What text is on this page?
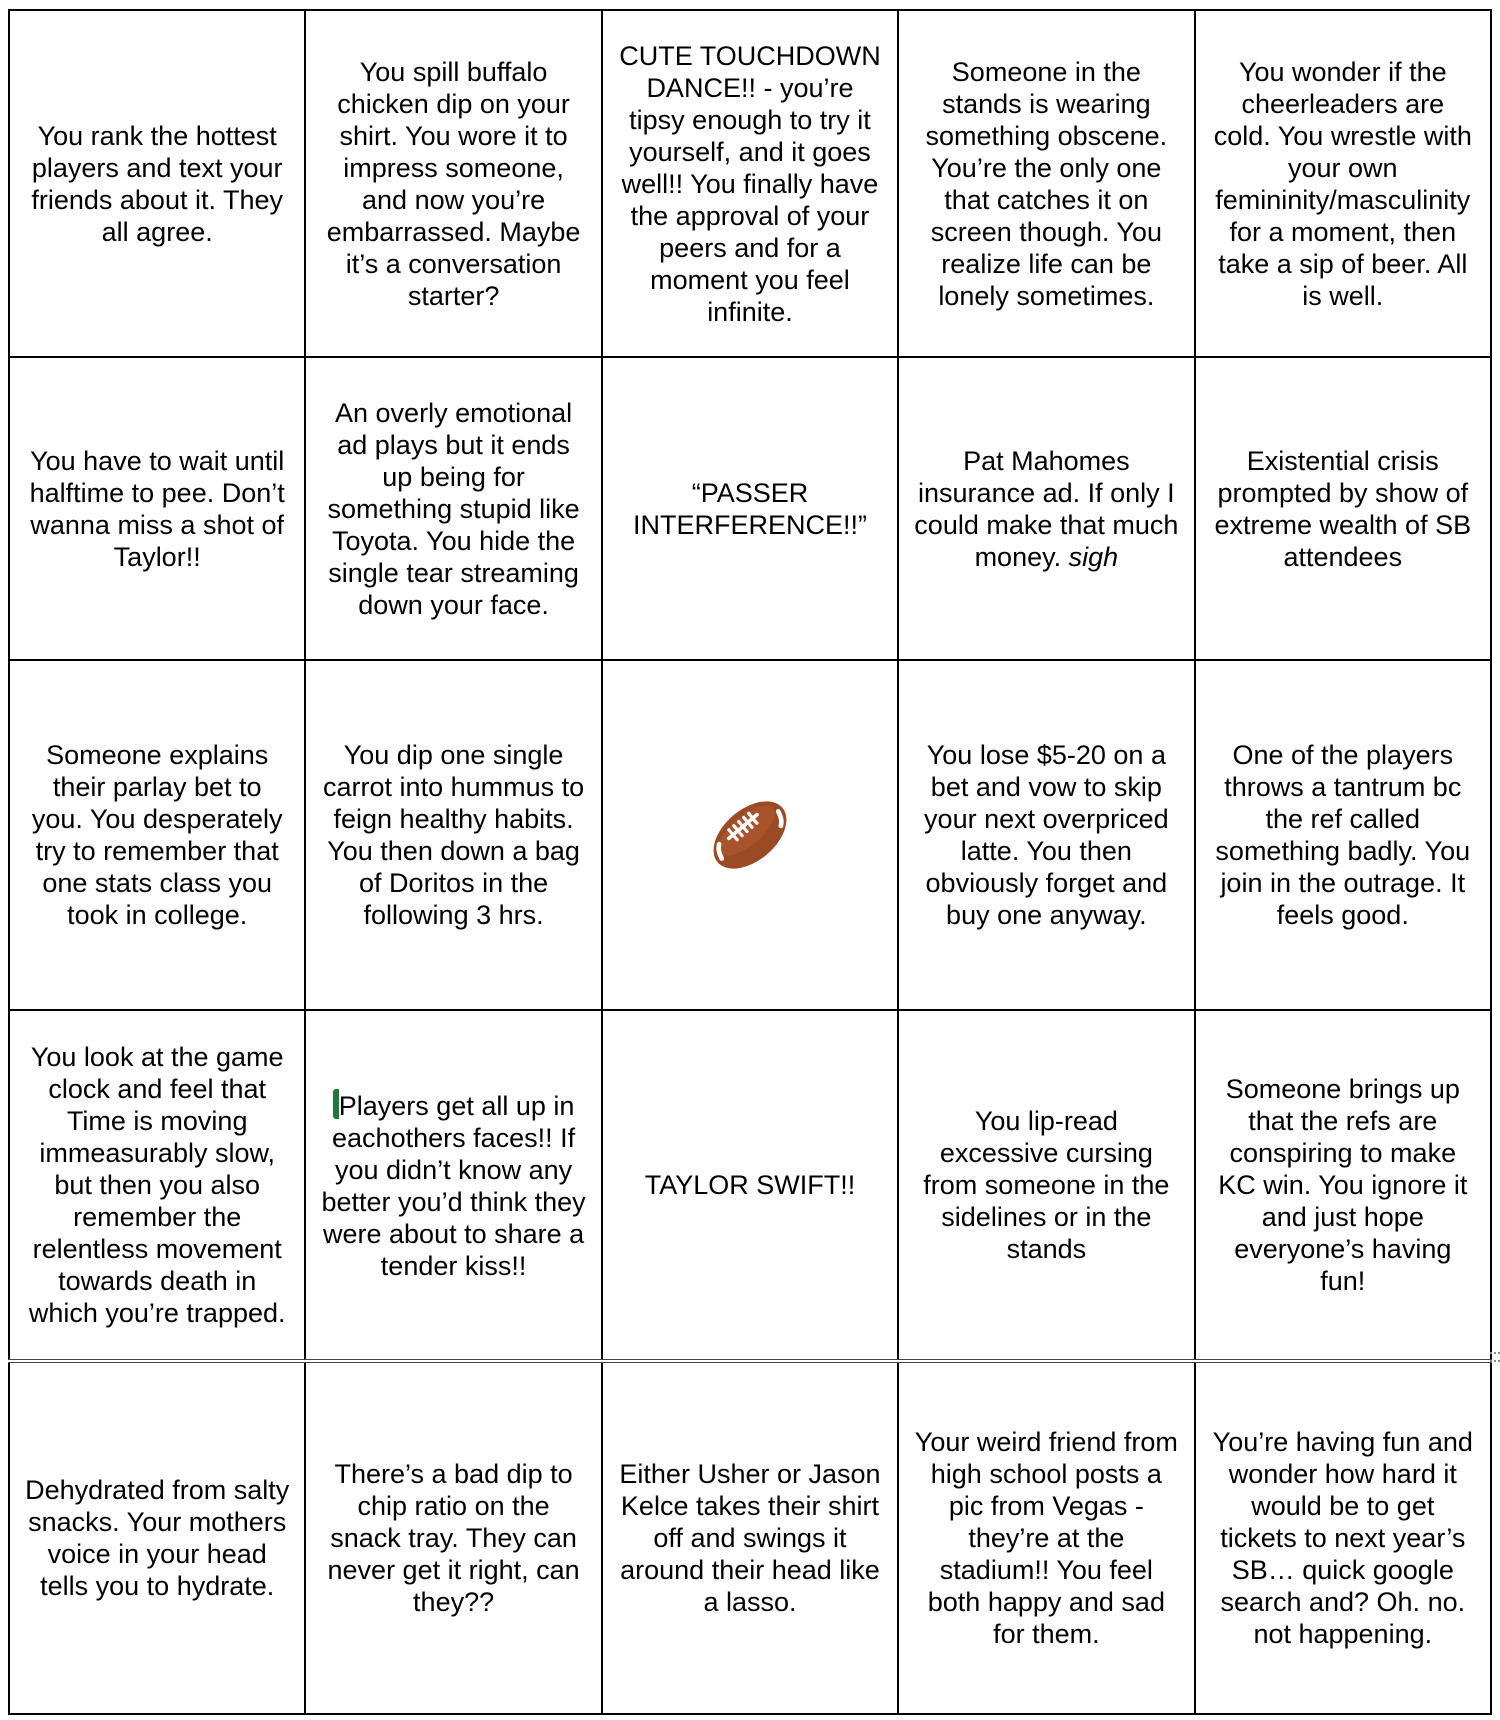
You rank the hottest players and text your friends about it. They all agree.	You spill buffalo chicken dip on your shirt. You wore it to impress someone, and now you’re embarrassed. Maybe it’s a conversation starter?	CUTE TOUCHDOWN DANCE!! - you’re tipsy enough to try it yourself, and it goes well!! You finally have the approval of your peers and for a moment you feel infinite.	Someone in the stands is wearing something obscene. You’re the only one that catches it on screen though. You realize life can be lonely sometimes.	You wonder if the cheerleaders are cold. You wrestle with your own femininity/masculinity for a moment, then take a sip of beer. All is well.

You have to wait until halftime to pee. Don’t wanna miss a shot of Taylor!!	An overly emotional ad plays but it ends up being for something stupid like Toyota. You hide the single tear streaming down your face.	“PASSER INTERFERENCE!!”	Pat Mahomes insurance ad. If only I could make that much money. sigh	Existential crisis prompted by show of extreme wealth of SB attendees

Someone explains their parlay bet to you. You desperately try to remember that one stats class you took in college.	You dip one single carrot into hummus to feign healthy habits. You then down a bag of Doritos in the following 3 hrs.		You lose $5-20 on a bet and vow to skip your next overpriced latte. You then obviously forget and buy one anyway.	One of the players throws a tantrum bc the ref called something badly. You join in the outrage. It feels good.

You look at the game clock and feel that Time is moving immeasurably slow, but then you also remember the relentless movement towards death in which you’re trapped.	Players get all up in eachothers faces!! If you didn’t know any better you’d think they were about to share a tender kiss!!	TAYLOR SWIFT!!	You lip-read excessive cursing from someone in the sidelines or in the stands	Someone brings up that the refs are conspiring to make KC win. You ignore it and just hope everyone’s having fun!

Dehydrated from salty snacks. Your mothers voice in your head tells you to hydrate.	There’s a bad dip to chip ratio on the snack tray. They can never get it right, can they??	Either Usher or Jason Kelce takes their shirt off and swings it around their head like a lasso.	Your weird friend from high school posts a pic from Vegas - they’re at the stadium!! You feel both happy and sad for them.	You’re having fun and wonder how hard it would be to get tickets to next year’s SB… quick google search and? Oh. no. not happening.
